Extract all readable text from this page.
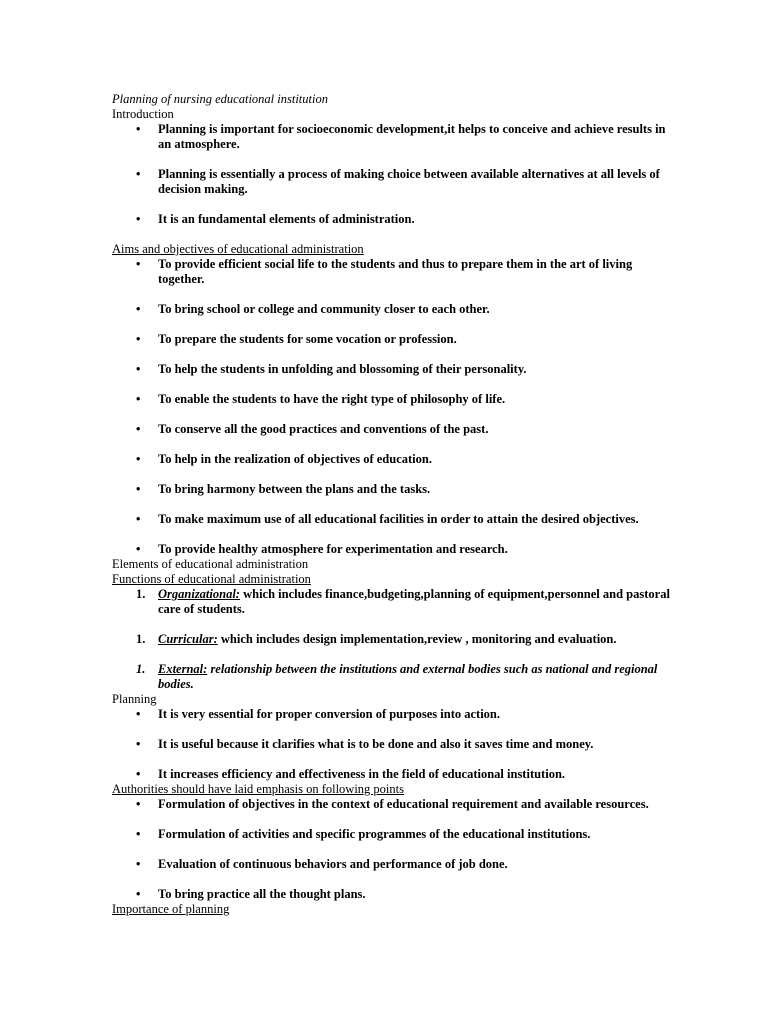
Planning of nursing educational institution

Introduction

• Planning is important for socioeconomic development,it helps to conceive and achieve results in an atmosphere.
• Planning is essentially a process of making choice between available alternatives at all levels of decision making.
• It is an fundamental elements of administration.

Aims and objectives of educational administration

• To provide efficient social life to the students and thus to prepare them in the art of living together.
• To bring school or college and community closer to each other.
• To prepare the students for some vocation or profession.
• To help the students in unfolding and blossoming of their personality.
• To enable the students to have the right type of philosophy of life.
• To conserve all the good practices and conventions of the past.
• To help in the realization of objectives of education.
• To bring harmony between the plans and the tasks.
• To make maximum use of all educational facilities in order to attain the desired objectives.
• To provide healthy atmosphere for experimentation and research.

Elements of educational administration

Functions of educational administration

1. Organizational: which includes finance,budgeting,planning of equipment,personnel and pastoral care of students.
1. Curricular: which includes design implementation,review , monitoring and evaluation.
1. External: relationship between the institutions and external bodies such as national and regional bodies.

Planning

• It is very essential for proper conversion of purposes into action.
• It is useful because it clarifies what is to be done and also it saves time and money.
• It increases efficiency and effectiveness in the field of educational institution.

Authorities should have laid emphasis on following points

• Formulation of objectives in the context of educational requirement and available resources.
• Formulation of activities and specific programmes of the educational institutions.
• Evaluation of continuous behaviors and performance of job done.
• To bring practice all the thought plans.

Importance of planning
